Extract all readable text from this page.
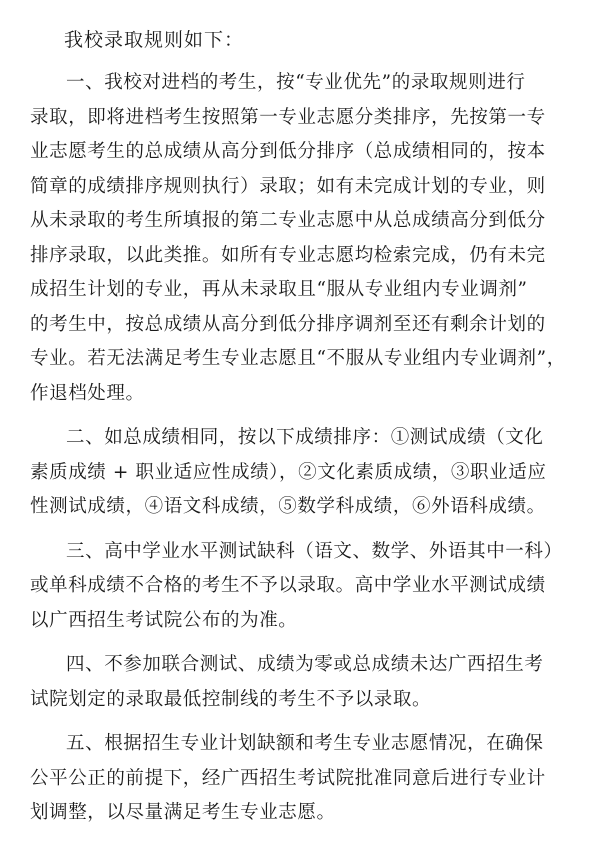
我校录取规则如下：
一、我校对进档的考生，按“专业优先”的录取规则进行
录取，即将进档考生按照第一专业志愿分类排序，先按第一专
业志愿考生的总成绩从高分到低分排序（总成绩相同的，按本
简章的成绩排序规则执行）录取；如有未完成计划的专业，则
从未录取的考生所填报的第二专业志愿中从总成绩高分到低分
排序录取，以此类推。如所有专业志愿均检索完成，仍有未完
成招生计划的专业，再从未录取且“服从专业组内专业调剂”
的考生中，按总成绩从高分到低分排序调剂至还有剩余计划的
专业。若无法满足考生专业志愿且“不服从专业组内专业调剂”，
作退档处理。
二、如总成绩相同，按以下成绩排序：①测试成绩（文化
素质成绩 + 职业适应性成绩），②文化素质成绩，③职业适应
性测试成绩，④语文科成绩，⑤数学科成绩，⑥外语科成绩。
三、高中学业水平测试缺科（语文、数学、外语其中一科）
或单科成绩不合格的考生不予以录取。高中学业水平测试成绩
以广西招生考试院公布的为准。
四、不参加联合测试、成绩为零或总成绩未达广西招生考
试院划定的录取最低控制线的考生不予以录取。
五、根据招生专业计划缺额和考生专业志愿情况，在确保
公平公正的前提下，经广西招生考试院批准同意后进行专业计
划调整，以尽量满足考生专业志愿。
